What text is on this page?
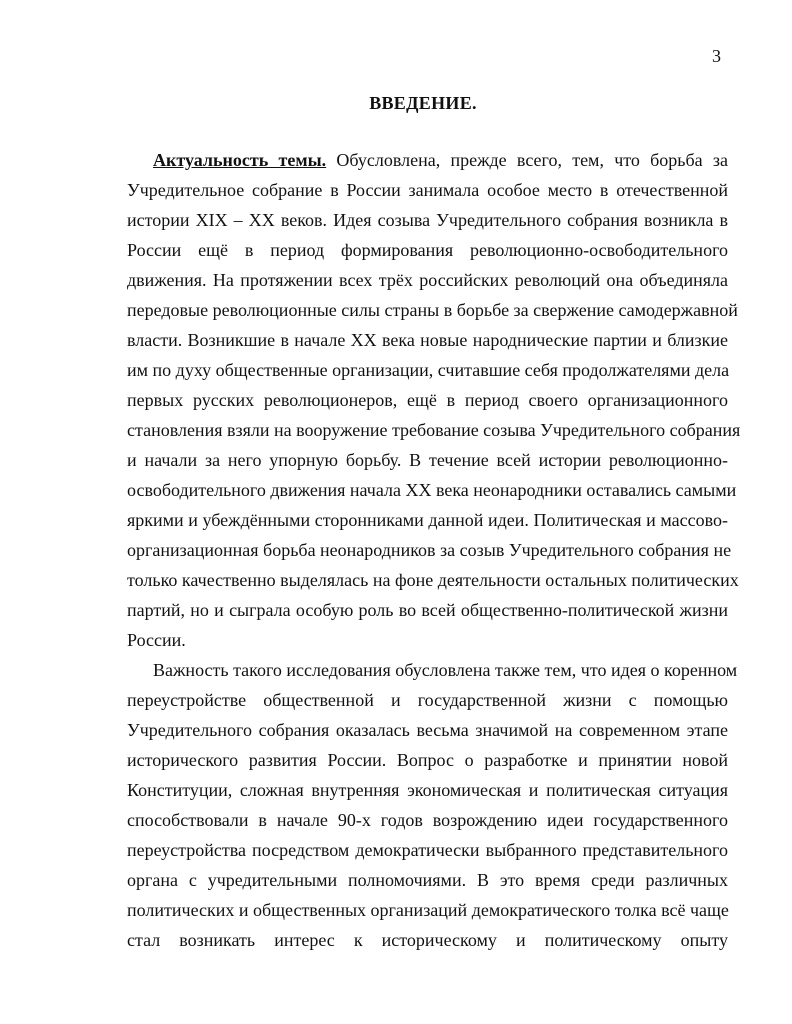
3
ВВЕДЕНИЕ.
Актуальность темы. Обусловлена, прежде всего, тем, что борьба за
Учредительное собрание в России занимала особое место в отечественной
истории XIX – XX веков. Идея созыва Учредительного собрания возникла в
России ещё в период формирования революционно-освободительного
движения. На протяжении всех трёх российских революций она объединяла
передовые революционные силы страны в борьбе за свержение самодержавной
власти. Возникшие в начале XX века новые народнические партии и близкие
им по духу общественные организации, считавшие себя продолжателями дела
первых русских революционеров, ещё в период своего организационного
становления взяли на вооружение требование созыва Учредительного собрания
и начали за него упорную борьбу. В течение всей истории революционно-
освободительного движения начала XX века неонародники оставались самыми
яркими и убеждёнными сторонниками данной идеи. Политическая и массово-
организационная борьба неонародников за созыв Учредительного собрания не
только качественно выделялась на фоне деятельности остальных политических
партий, но и сыграла особую роль во всей общественно-политической жизни
России.
Важность такого исследования обусловлена также тем, что идея о коренном
переустройстве общественной и государственной жизни с помощью
Учредительного собрания оказалась весьма значимой на современном этапе
исторического развития России. Вопрос о разработке и принятии новой
Конституции, сложная внутренняя экономическая и политическая ситуация
способствовали в начале 90-х годов возрождению идеи государственного
переустройства посредством демократически выбранного представительного
органа с учредительными полномочиями. В это время среди различных
политических и общественных организаций демократического толка всё чаще
стал возникать интерес к историческому и политическому опыту
